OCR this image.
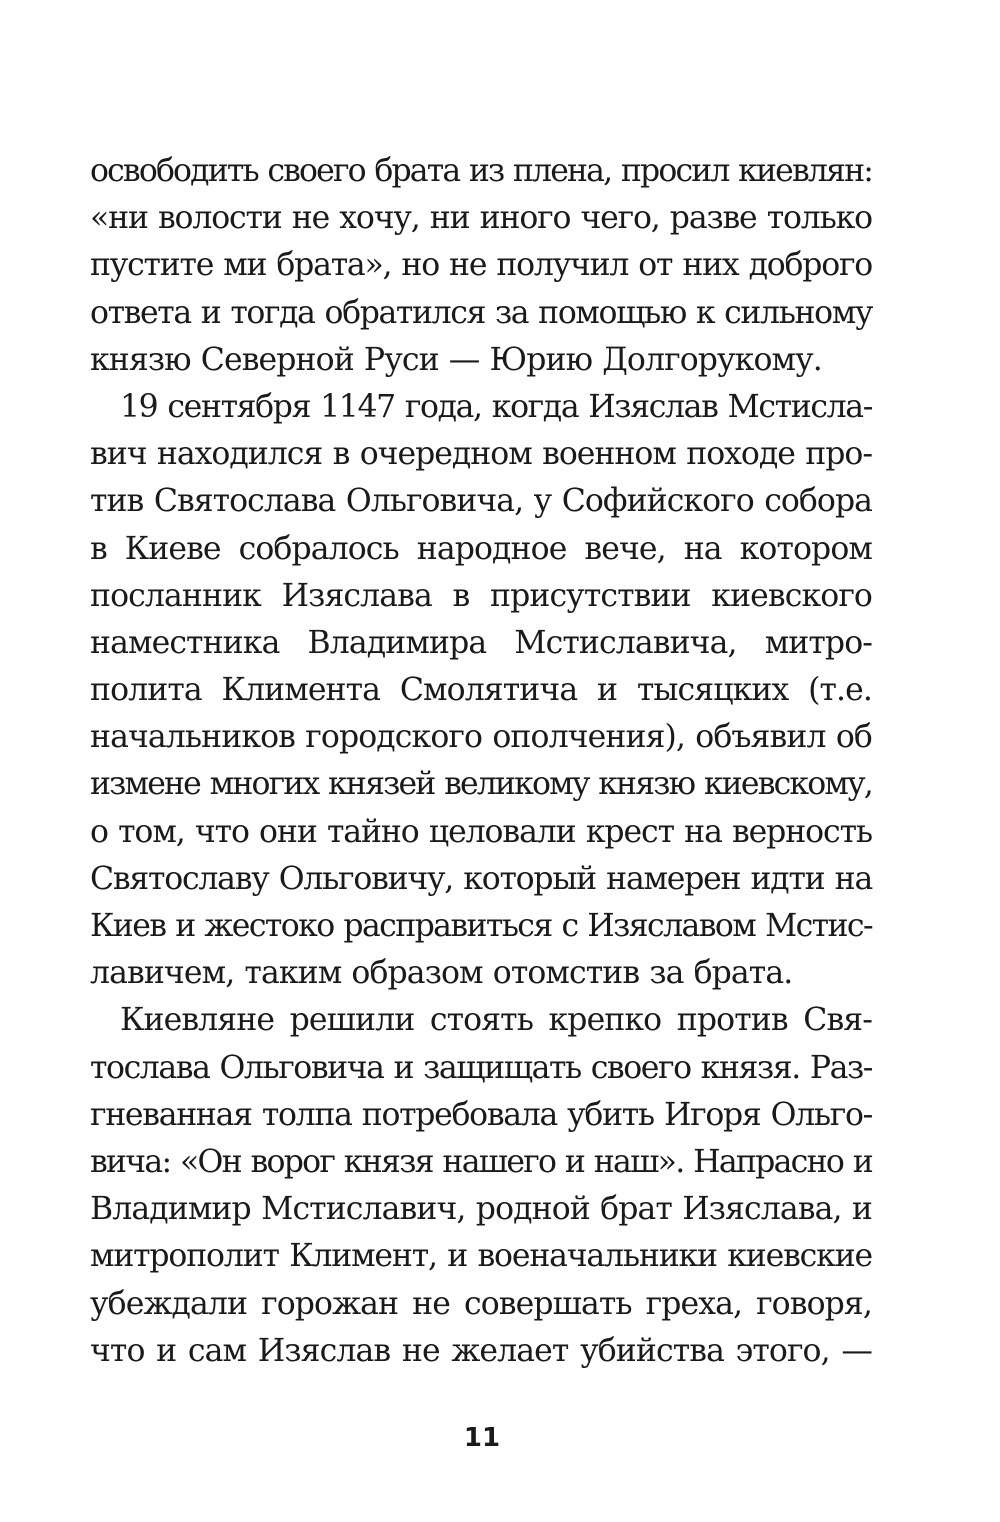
освободить своего брата из плена, просил киевлян:
«ни волости не хочу, ни иного чего, разве только
пустите ми брата», но не получил от них доброго
ответа и тогда обратился за помощью к сильному
князю Северной Руси — Юрию Долгорукому.
19 сентября 1147 года, когда Изяслав Мстисла-
вич находился в очередном военном походе про-
тив Святослава Ольговича, у Софийского собора
в Киеве собралось народное вече, на котором
посланник Изяслава в присутствии киевского
наместника Владимира Мстиславича, митро-
полита Климента Смолятича и тысяцких (т.е.
начальников городского ополчения), объявил об
измене многих князей великому князю киевскому,
о том, что они тайно целовали крест на верность
Святославу Ольговичу, который намерен идти на
Киев и жестоко расправиться с Изяславом Мстис-
лавичем, таким образом отомстив за брата.
Киевляне решили стоять крепко против Свя-
тослава Ольговича и защищать своего князя. Раз-
гневанная толпа потребовала убить Игоря Ольго-
вича: «Он ворог князя нашего и наш». Напрасно и
Владимир Мстиславич, родной брат Изяслава, и
митрополит Климент, и военачальники киевские
убеждали горожан не совершать греха, говоря,
что и сам Изяслав не желает убийства этого, —
11
